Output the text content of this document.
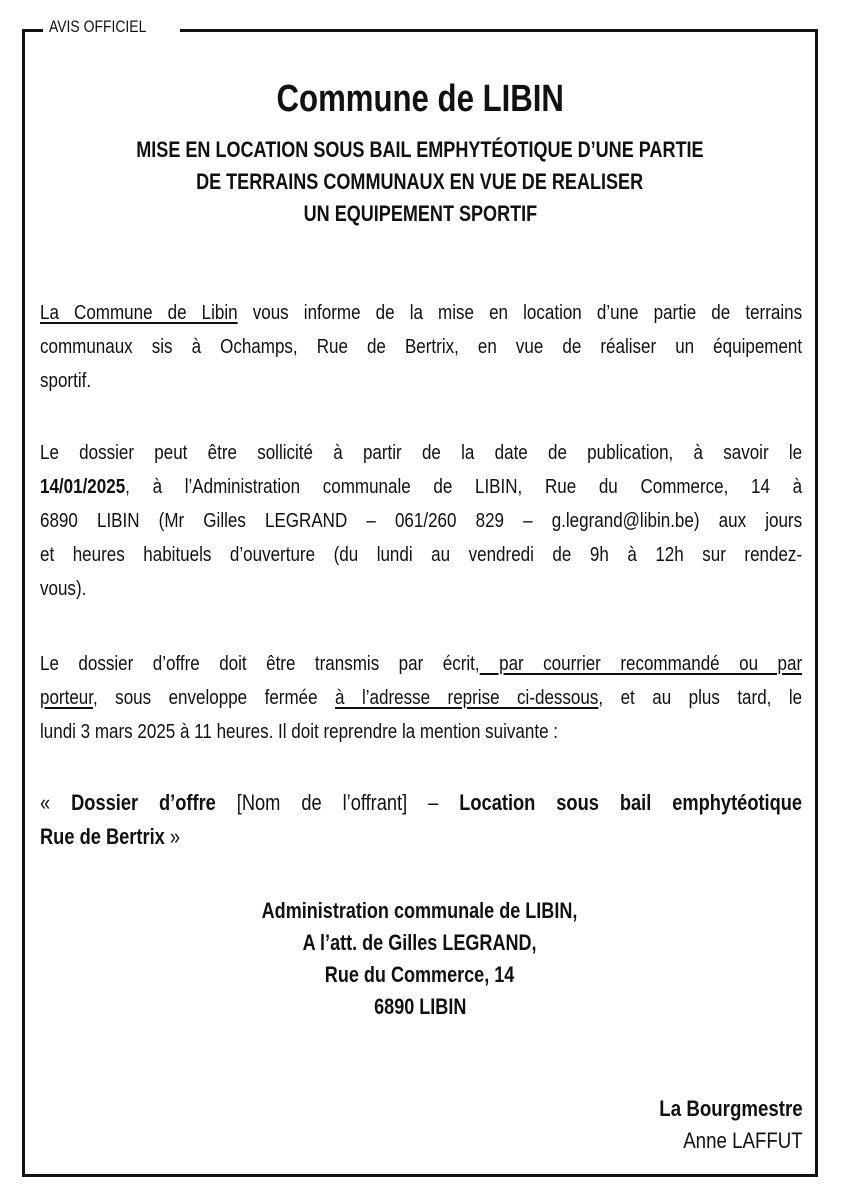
AVIS OFFICIEL
Commune de LIBIN
MISE EN LOCATION SOUS BAIL EMPHYTÉOTIQUE D’UNE PARTIE
DE TERRAINS COMMUNAUX EN VUE DE REALISER
UN EQUIPEMENT SPORTIF
La Commune de Libin vous informe de la mise en location d’une partie de terrains
communaux sis à Ochamps, Rue de Bertrix, en vue de réaliser un équipement
sportif.
Le dossier peut être sollicité à partir de la date de publication, à savoir le
14/01/2025, à l’Administration communale de LIBIN, Rue du Commerce, 14 à
6890 LIBIN (Mr Gilles LEGRAND – 061/260 829 – g.legrand@libin.be) aux jours
et heures habituels d’ouverture (du lundi au vendredi de 9h à 12h sur rendez-
vous).
Le dossier d’offre doit être transmis par écrit, par courrier recommandé ou par
porteur, sous enveloppe fermée à l’adresse reprise ci-dessous, et au plus tard, le
lundi 3 mars 2025 à 11 heures. Il doit reprendre la mention suivante :
« Dossier d’offre [Nom de l’offrant] – Location sous bail emphytéotique
Rue de Bertrix »
Administration communale de LIBIN,
A l’att. de Gilles LEGRAND,
Rue du Commerce, 14
6890 LIBIN
La Bourgmestre
Anne LAFFUT
